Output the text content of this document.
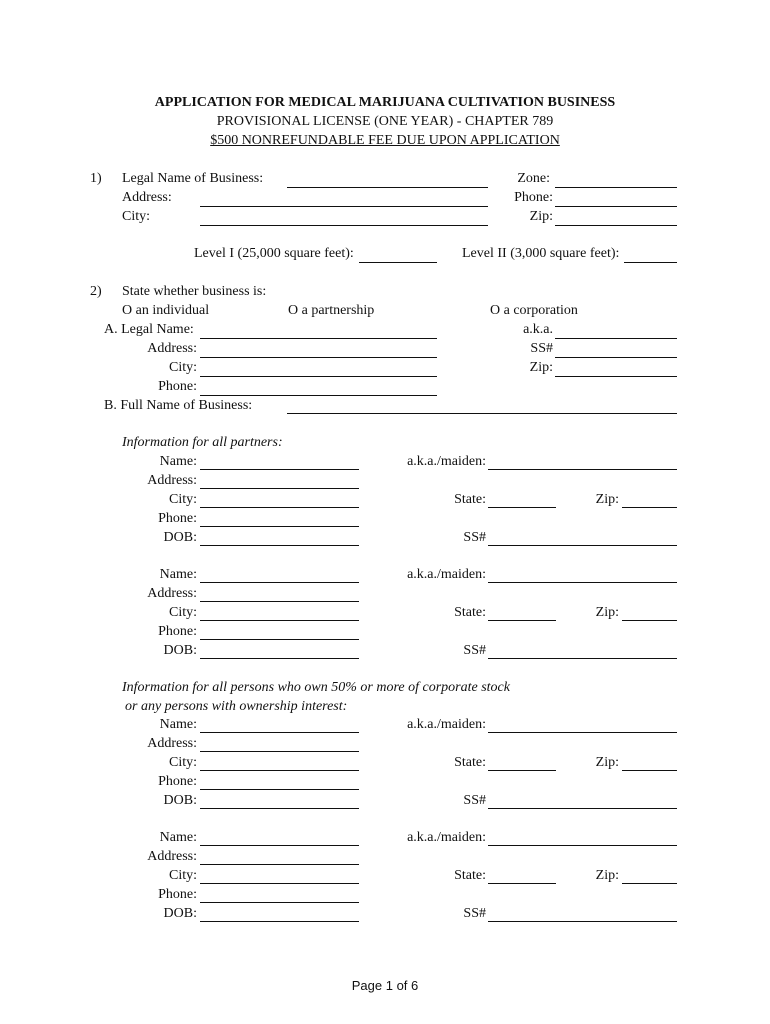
APPLICATION FOR MEDICAL MARIJUANA CULTIVATION BUSINESS
PROVISIONAL LICENSE (ONE YEAR) - CHAPTER 789
$500 NONREFUNDABLE FEE DUE UPON APPLICATION
1) Legal Name of Business:	Zone:
Address:	Phone:
City:	Zip:
Level I (25,000 square feet):	Level II (3,000 square feet):
2) State whether business is:
O an individual	O a partnership	O a corporation
A. Legal Name:	a.k.a.
Address:	SS#
City:	Zip:
Phone:
B. Full Name of Business:
Information for all partners:
Name:	a.k.a./maiden:
Address:
City:	State:	Zip:
Phone:
DOB:	SS#
Name:	a.k.a./maiden:
Address:
City:	State:	Zip:
Phone:
DOB:	SS#
Information for all persons who own 50% or more of corporate stock
or any persons with ownership interest:
Name:	a.k.a./maiden:
Address:
City:	State:	Zip:
Phone:
DOB:	SS#
Name:	a.k.a./maiden:
Address:
City:	State:	Zip:
Phone:
DOB:	SS#
Page 1 of 6
